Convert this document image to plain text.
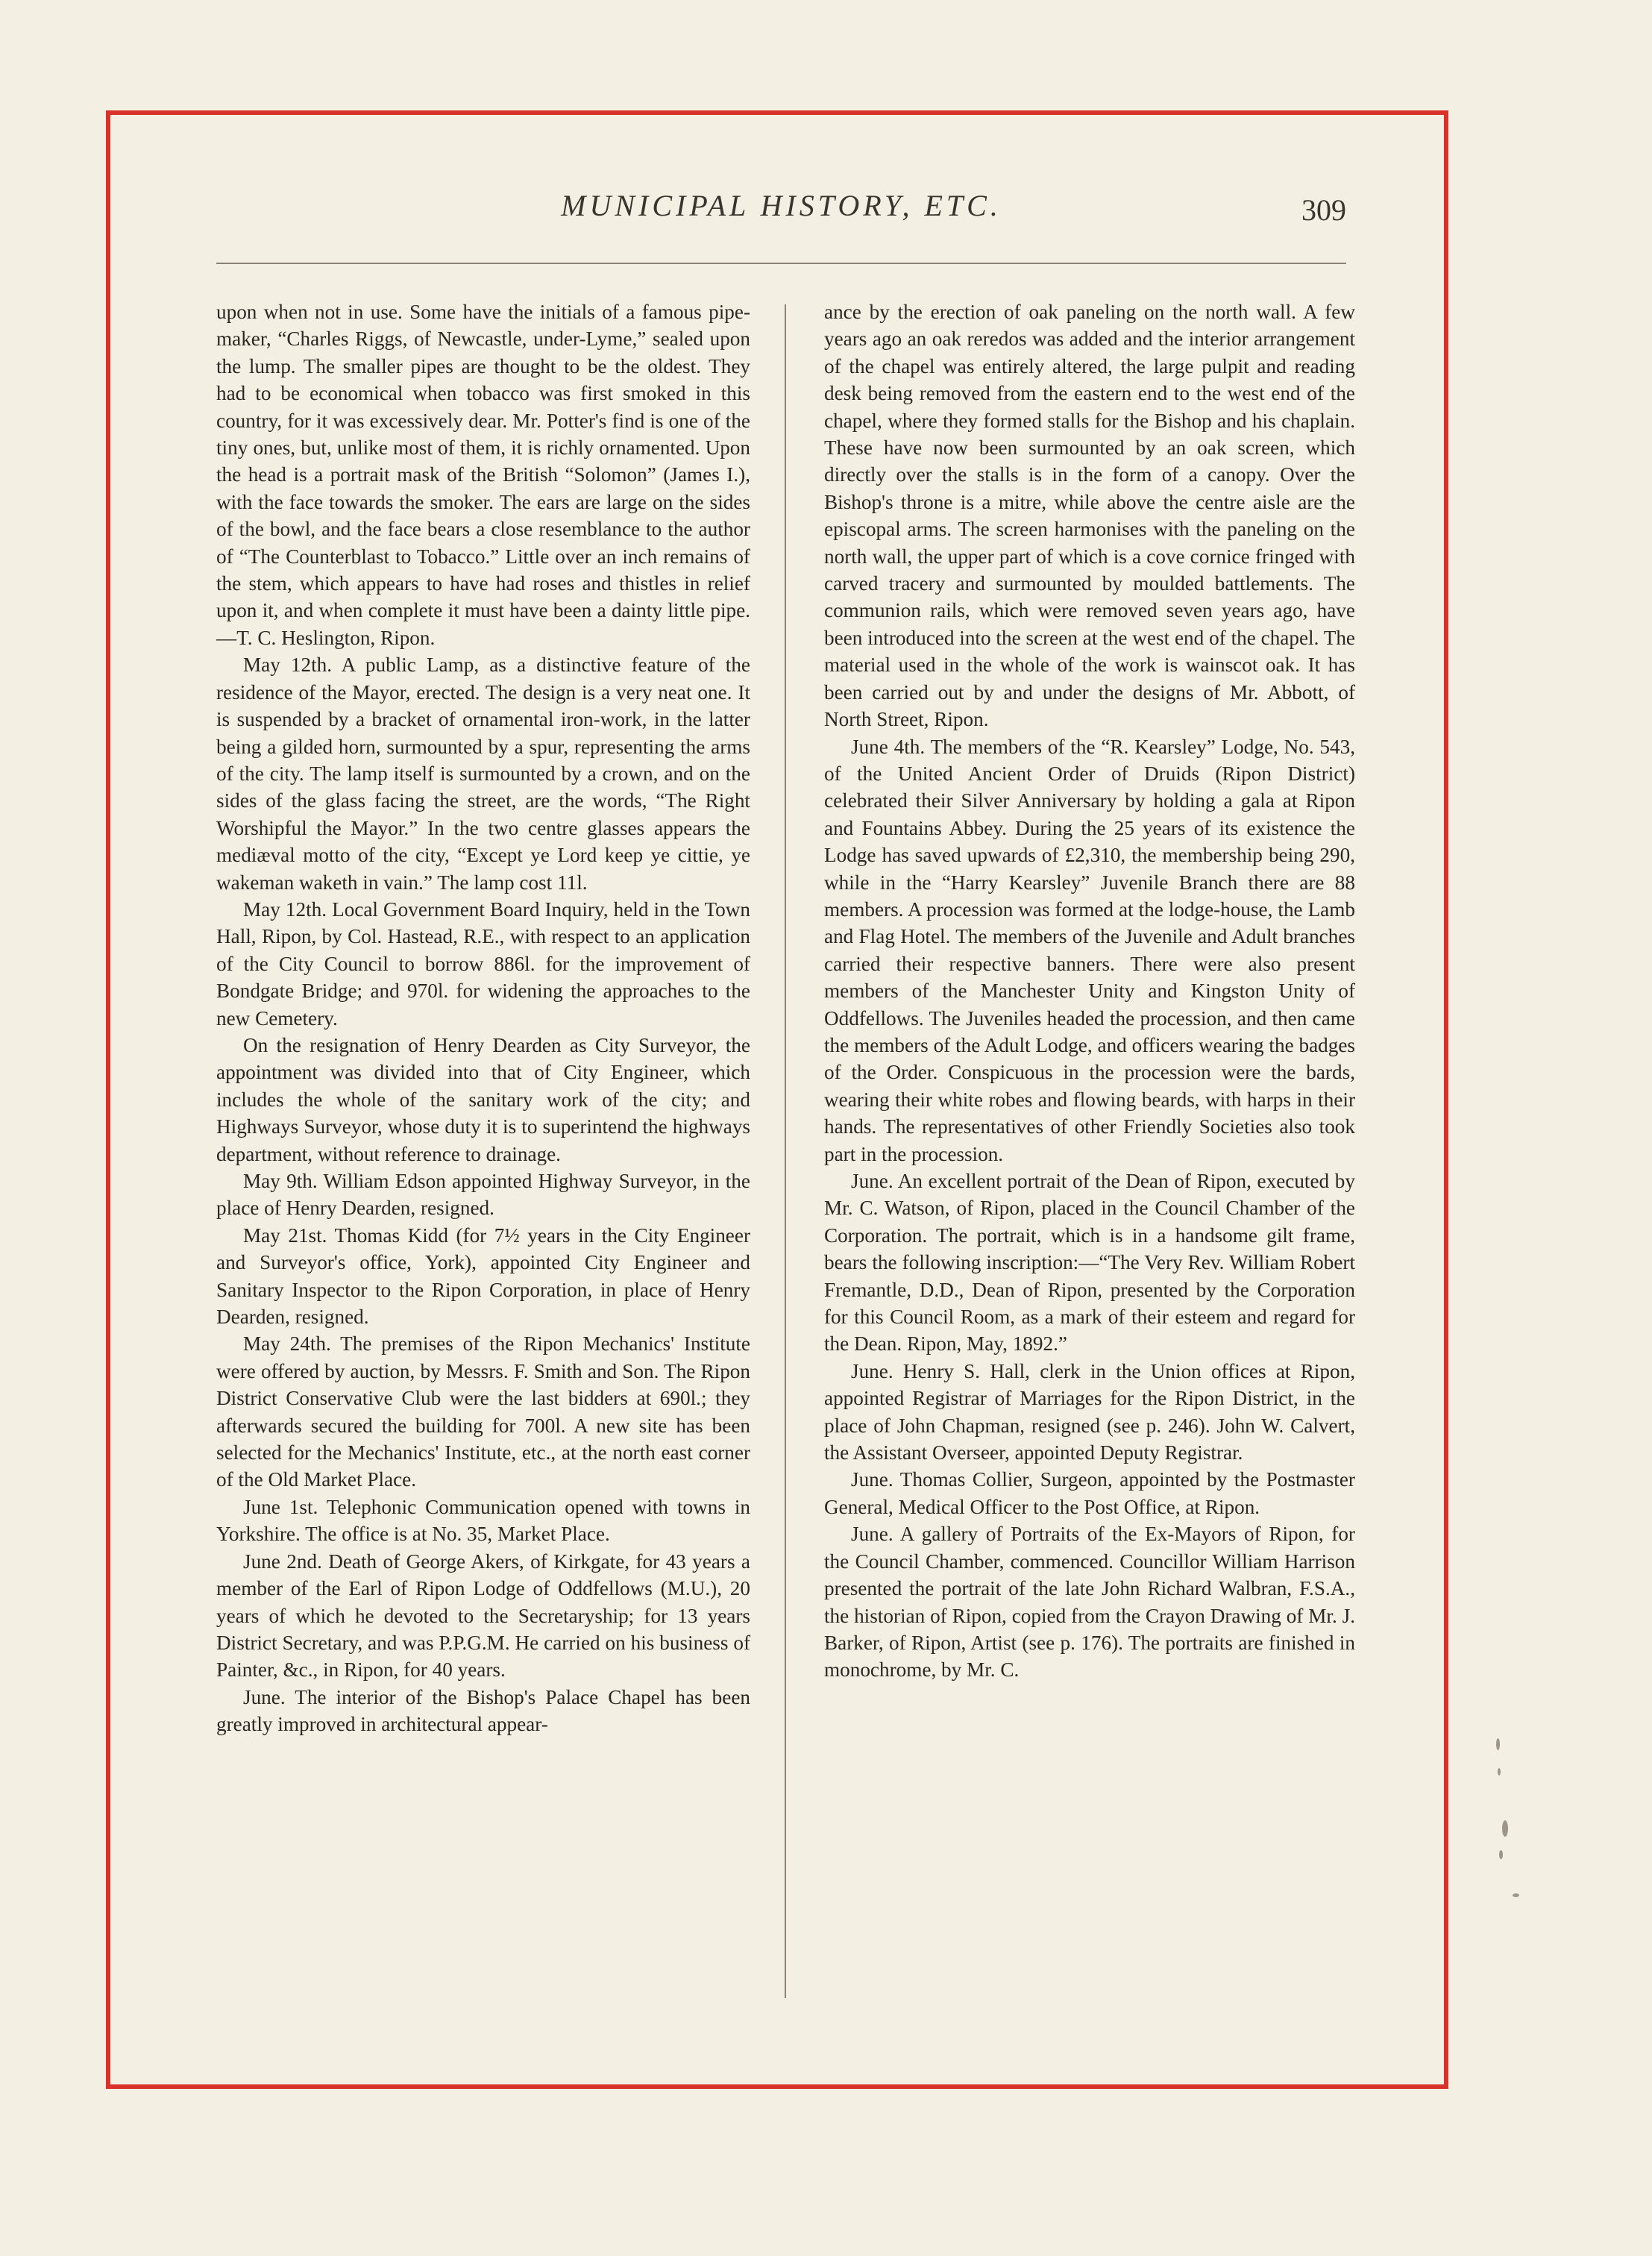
MUNICIPAL HISTORY, ETC.	309

upon when not in use. Some have the initials of a famous pipe-maker, “Charles Riggs, of Newcastle, under-Lyme,” sealed upon the lump. The smaller pipes are thought to be the oldest. They had to be economical when tobacco was first smoked in this country, for it was excessively dear. Mr. Potter's find is one of the tiny ones, but, unlike most of them, it is richly ornamented. Upon the head is a portrait mask of the British “Solomon” (James I.), with the face towards the smoker. The ears are large on the sides of the bowl, and the face bears a close resemblance to the author of “The Counterblast to Tobacco.” Little over an inch remains of the stem, which appears to have had roses and thistles in relief upon it, and when complete it must have been a dainty little pipe.—T. C. Heslington, Ripon.

May 12th. A public Lamp, as a distinctive feature of the residence of the Mayor, erected. The design is a very neat one. It is suspended by a bracket of ornamental iron-work, in the latter being a gilded horn, surmounted by a spur, representing the arms of the city. The lamp itself is surmounted by a crown, and on the sides of the glass facing the street, are the words, “The Right Worshipful the Mayor.” In the two centre glasses appears the mediæval motto of the city, “Except ye Lord keep ye cittie, ye wakeman waketh in vain.” The lamp cost 11l.

May 12th. Local Government Board Inquiry, held in the Town Hall, Ripon, by Col. Hastead, R.E., with respect to an application of the City Council to borrow 886l. for the improvement of Bondgate Bridge; and 970l. for widening the approaches to the new Cemetery.

On the resignation of Henry Dearden as City Surveyor, the appointment was divided into that of City Engineer, which includes the whole of the sanitary work of the city; and Highways Surveyor, whose duty it is to superintend the highways department, without reference to drainage.

May 9th. William Edson appointed Highway Surveyor, in the place of Henry Dearden, resigned.

May 21st. Thomas Kidd (for 7½ years in the City Engineer and Surveyor's office, York), appointed City Engineer and Sanitary Inspector to the Ripon Corporation, in place of Henry Dearden, resigned.

May 24th. The premises of the Ripon Mechanics' Institute were offered by auction, by Messrs. F. Smith and Son. The Ripon District Conservative Club were the last bidders at 690l.; they afterwards secured the building for 700l. A new site has been selected for the Mechanics' Institute, etc., at the north east corner of the Old Market Place.

June 1st. Telephonic Communication opened with towns in Yorkshire. The office is at No. 35, Market Place.

June 2nd. Death of George Akers, of Kirkgate, for 43 years a member of the Earl of Ripon Lodge of Oddfellows (M.U.), 20 years of which he devoted to the Secretaryship; for 13 years District Secretary, and was P.P.G.M. He carried on his business of Painter, &c., in Ripon, for 40 years.

June. The interior of the Bishop's Palace Chapel has been greatly improved in architectural appear-

ance by the erection of oak paneling on the north wall. A few years ago an oak reredos was added and the interior arrangement of the chapel was entirely altered, the large pulpit and reading desk being removed from the eastern end to the west end of the chapel, where they formed stalls for the Bishop and his chaplain. These have now been surmounted by an oak screen, which directly over the stalls is in the form of a canopy. Over the Bishop's throne is a mitre, while above the centre aisle are the episcopal arms. The screen harmonises with the paneling on the north wall, the upper part of which is a cove cornice fringed with carved tracery and surmounted by moulded battlements. The communion rails, which were removed seven years ago, have been introduced into the screen at the west end of the chapel. The material used in the whole of the work is wainscot oak. It has been carried out by and under the designs of Mr. Abbott, of North Street, Ripon.

June 4th. The members of the “R. Kearsley” Lodge, No. 543, of the United Ancient Order of Druids (Ripon District) celebrated their Silver Anniversary by holding a gala at Ripon and Fountains Abbey. During the 25 years of its existence the Lodge has saved upwards of £2,310, the membership being 290, while in the “Harry Kearsley” Juvenile Branch there are 88 members. A procession was formed at the lodge-house, the Lamb and Flag Hotel. The members of the Juvenile and Adult branches carried their respective banners. There were also present members of the Manchester Unity and Kingston Unity of Oddfellows. The Juveniles headed the procession, and then came the members of the Adult Lodge, and officers wearing the badges of the Order. Conspicuous in the procession were the bards, wearing their white robes and flowing beards, with harps in their hands. The representatives of other Friendly Societies also took part in the procession.

June. An excellent portrait of the Dean of Ripon, executed by Mr. C. Watson, of Ripon, placed in the Council Chamber of the Corporation. The portrait, which is in a handsome gilt frame, bears the following inscription:—“The Very Rev. William Robert Fremantle, D.D., Dean of Ripon, presented by the Corporation for this Council Room, as a mark of their esteem and regard for the Dean. Ripon, May, 1892.”

June. Henry S. Hall, clerk in the Union offices at Ripon, appointed Registrar of Marriages for the Ripon District, in the place of John Chapman, resigned (see p. 246). John W. Calvert, the Assistant Overseer, appointed Deputy Registrar.

June. Thomas Collier, Surgeon, appointed by the Postmaster General, Medical Officer to the Post Office, at Ripon.

June. A gallery of Portraits of the Ex-Mayors of Ripon, for the Council Chamber, commenced. Councillor William Harrison presented the portrait of the late John Richard Walbran, F.S.A., the historian of Ripon, copied from the Crayon Drawing of Mr. J. Barker, of Ripon, Artist (see p. 176). The portraits are finished in monochrome, by Mr. C.
